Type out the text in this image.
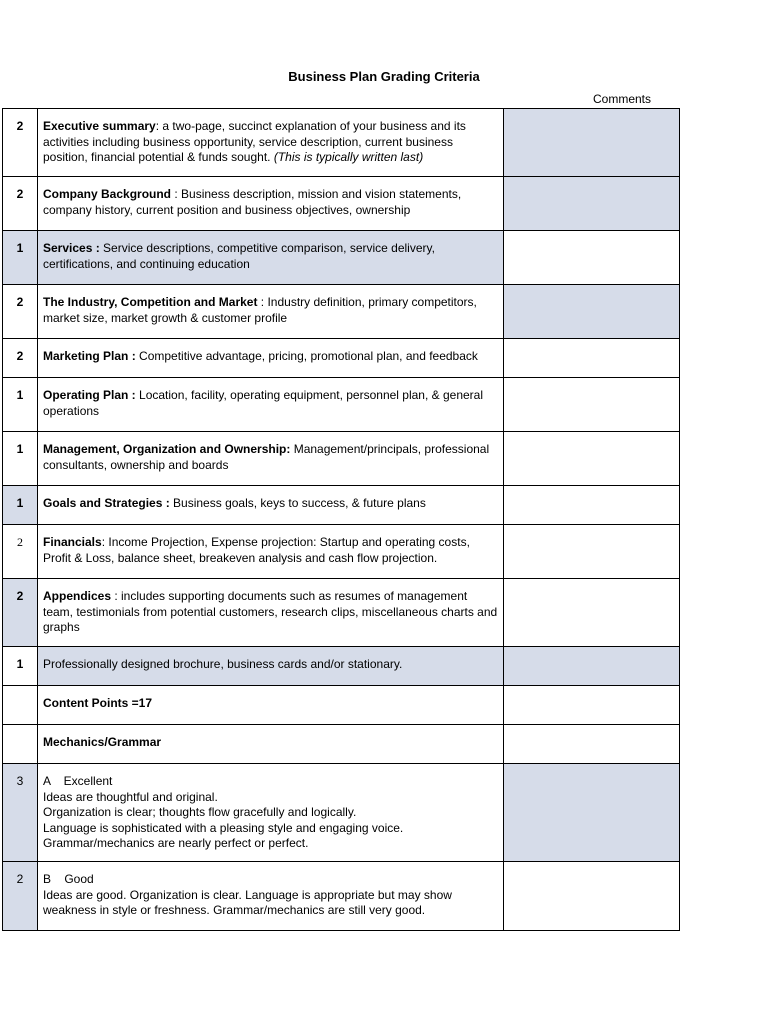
Business Plan Grading Criteria
Comments
2	Executive summary: a two-page, succinct explanation of your business and its activities including business opportunity, service description, current business position, financial potential & funds sought. (This is typically written last)	
2	Company Background : Business description, mission and vision statements, company history, current position and business objectives, ownership	
1	Services : Service descriptions, competitive comparison, service delivery, certifications, and continuing education	
2	The Industry, Competition and Market : Industry definition, primary competitors, market size, market growth & customer profile	
2	Marketing Plan : Competitive advantage, pricing, promotional plan, and feedback	
1	Operating Plan : Location, facility, operating equipment, personnel plan, & general operations	
1	Management, Organization and Ownership: Management/principals, professional consultants, ownership and boards	
1	Goals and Strategies : Business goals, keys to success, & future plans	
2	Financials: Income Projection, Expense projection: Startup and operating costs, Profit & Loss, balance sheet, breakeven analysis and cash flow projection.	
2	Appendices : includes supporting documents such as resumes of management team, testimonials from potential customers, research clips, miscellaneous charts and graphs	
1	Professionally designed brochure, business cards and/or stationary.	
	Content Points =17	
	Mechanics/Grammar	
3	A    Excellent
Ideas are thoughtful and original.
Organization is clear; thoughts flow gracefully and logically.
Language is sophisticated with a pleasing style and engaging voice.
Grammar/mechanics are nearly perfect or perfect.	

2	B    Good
Ideas are good. Organization is clear. Language is appropriate but may show weakness in style or freshness. Grammar/mechanics are still very good.	
